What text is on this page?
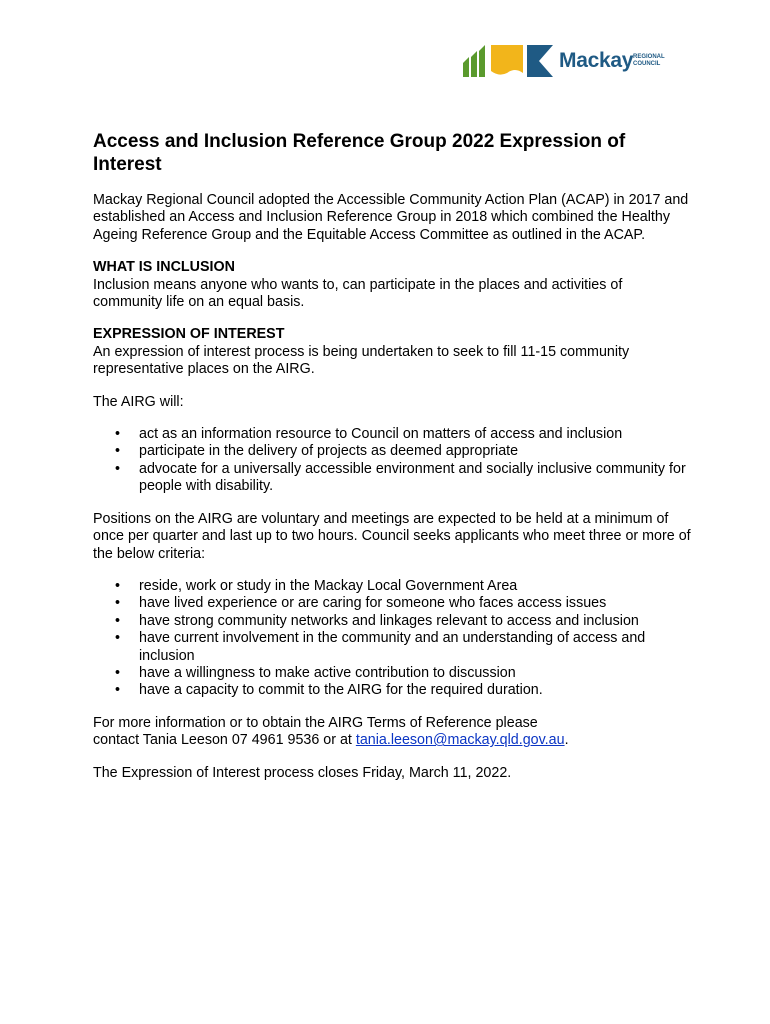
Mackay REGIONAL
COUNCIL
Access and Inclusion Reference Group 2022 Expression of Interest

Mackay Regional Council adopted the Accessible Community Action Plan (ACAP) in 2017 and established an Access and Inclusion Reference Group in 2018 which combined the Healthy Ageing Reference Group and the Equitable Access Committee as outlined in the ACAP.

WHAT IS INCLUSION

Inclusion means anyone who wants to, can participate in the places and activities of community life on an equal basis.

EXPRESSION OF INTEREST

An expression of interest process is being undertaken to seek to fill 11-15 community representative places on the AIRG.

The AIRG will:

• act as an information resource to Council on matters of access and inclusion
• participate in the delivery of projects as deemed appropriate
• advocate for a universally accessible environment and socially inclusive community for people with disability.

Positions on the AIRG are voluntary and meetings are expected to be held at a minimum of once per quarter and last up to two hours. Council seeks applicants who meet three or more of the below criteria:

• reside, work or study in the Mackay Local Government Area
• have lived experience or are caring for someone who faces access issues
• have strong community networks and linkages relevant to access and inclusion
• have current involvement in the community and an understanding of access and inclusion
• have a willingness to make active contribution to discussion
• have a capacity to commit to the AIRG for the required duration.

For more information or to obtain the AIRG Terms of Reference please

contact Tania Leeson 07 4961 9536 or at tania.leeson@mackay.qld.gov.au.

The Expression of Interest process closes Friday, March 11, 2022.
